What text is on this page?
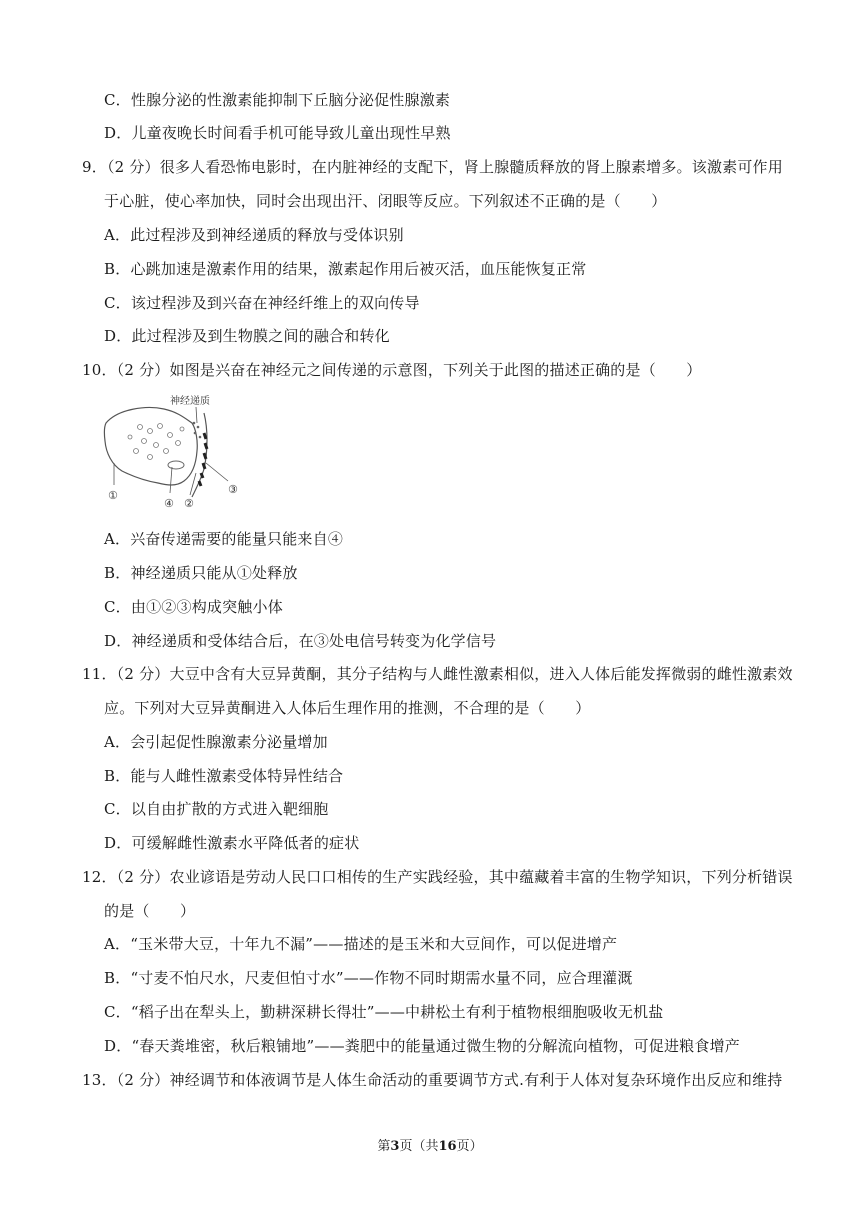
C．性腺分泌的性激素能抑制下丘脑分泌促性腺激素
D．儿童夜晚长时间看手机可能导致儿童出现性早熟
9．（2 分）很多人看恐怖电影时，在内脏神经的支配下，肾上腺髓质释放的肾上腺素增多。该激素可作用
于心脏，使心率加快，同时会出现出汗、闭眼等反应。下列叙述不正确的是（　　）
A．此过程涉及到神经递质的释放与受体识别
B．心跳加速是激素作用的结果，激素起作用后被灭活，血压能恢复正常
C．该过程涉及到兴奋在神经纤维上的双向传导
D．此过程涉及到生物膜之间的融合和转化
10．（2 分）如图是兴奋在神经元之间传递的示意图，下列关于此图的描述正确的是（　　）
神经递质
①
④ ②
③
A．兴奋传递需要的能量只能来自④
B．神经递质只能从①处释放
C．由①②③构成突触小体
D．神经递质和受体结合后，在③处电信号转变为化学信号
11．（2 分）大豆中含有大豆异黄酮，其分子结构与人雌性激素相似，进入人体后能发挥微弱的雌性激素效
应。下列对大豆异黄酮进入人体后生理作用的推测，不合理的是（　　）
A．会引起促性腺激素分泌量增加
B．能与人雌性激素受体特异性结合
C．以自由扩散的方式进入靶细胞
D．可缓解雌性激素水平降低者的症状
12．（2 分）农业谚语是劳动人民口口相传的生产实践经验，其中蕴藏着丰富的生物学知识，下列分析错误
的是（　　）
A．“玉米带大豆，十年九不漏”——描述的是玉米和大豆间作，可以促进增产
B．“寸麦不怕尺水，尺麦但怕寸水”——作物不同时期需水量不同，应合理灌溉
C．“稻子出在犁头上，勤耕深耕长得壮”——中耕松土有利于植物根细胞吸收无机盐
D．“春天粪堆密，秋后粮铺地”——粪肥中的能量通过微生物的分解流向植物，可促进粮食增产
13．（2 分）神经调节和体液调节是人体生命活动的重要调节方式.有利于人体对复杂环境作出反应和维持
第3页（共16页）
